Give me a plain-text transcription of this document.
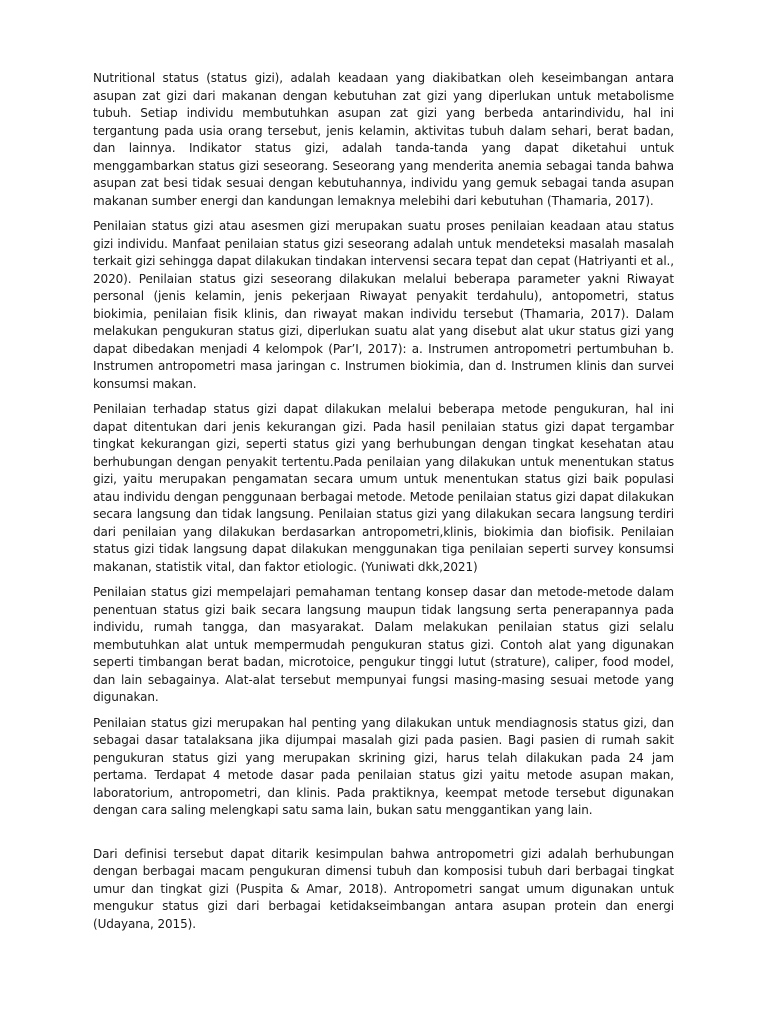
Nutritional status (status gizi), adalah keadaan yang diakibatkan oleh keseimbangan antara asupan zat gizi dari makanan dengan kebutuhan zat gizi yang diperlukan untuk metabolisme tubuh. Setiap individu membutuhkan asupan zat gizi yang berbeda antarindividu, hal ini tergantung pada usia orang tersebut, jenis kelamin, aktivitas tubuh dalam sehari, berat badan, dan lainnya. Indikator status gizi, adalah tanda-tanda yang dapat diketahui untuk menggambarkan status gizi seseorang. Seseorang yang menderita anemia sebagai tanda bahwa asupan zat besi tidak sesuai dengan kebutuhannya, individu yang gemuk sebagai tanda asupan makanan sumber energi dan kandungan lemaknya melebihi dari kebutuhan (Thamaria, 2017).

Penilaian status gizi atau asesmen gizi merupakan suatu proses penilaian keadaan atau status gizi individu. Manfaat penilaian status gizi seseorang adalah untuk mendeteksi masalah masalah terkait gizi sehingga dapat dilakukan tindakan intervensi secara tepat dan cepat (Hatriyanti et al., 2020). Penilaian status gizi seseorang dilakukan melalui beberapa parameter yakni Riwayat personal (jenis kelamin, jenis pekerjaan Riwayat penyakit terdahulu), antopometri, status biokimia, penilaian fisik klinis, dan riwayat makan individu tersebut (Thamaria, 2017). Dalam melakukan pengukuran status gizi, diperlukan suatu alat yang disebut alat ukur status gizi yang dapat dibedakan menjadi 4 kelompok (Par’I, 2017): a. Instrumen antropometri pertumbuhan b. Instrumen antropometri masa jaringan c. Instrumen biokimia, dan d. Instrumen klinis dan survei konsumsi makan.

Penilaian terhadap status gizi dapat dilakukan melalui beberapa metode pengukuran, hal ini dapat ditentukan dari jenis kekurangan gizi. Pada hasil penilaian status gizi dapat tergambar tingkat kekurangan gizi, seperti status gizi yang berhubungan dengan tingkat kesehatan atau berhubungan dengan penyakit tertentu.Pada penilaian yang dilakukan untuk menentukan status gizi, yaitu merupakan pengamatan secara umum untuk menentukan status gizi baik populasi atau individu dengan penggunaan berbagai metode. Metode penilaian status gizi dapat dilakukan secara langsung dan tidak langsung. Penilaian status gizi yang dilakukan secara langsung terdiri dari penilaian yang dilakukan berdasarkan antropometri,klinis, biokimia dan biofisik. Penilaian status gizi tidak langsung dapat dilakukan menggunakan tiga penilaian seperti survey konsumsi makanan, statistik vital, dan faktor etiologic. (Yuniwati dkk,2021)

Penilaian status gizi mempelajari pemahaman tentang konsep dasar dan metode-metode dalam penentuan status gizi baik secara langsung maupun tidak langsung serta penerapannya pada individu, rumah tangga, dan masyarakat. Dalam melakukan penilaian status gizi selalu membutuhkan alat untuk mempermudah pengukuran status gizi. Contoh alat yang digunakan seperti timbangan berat badan, microtoice, pengukur tinggi lutut (strature), caliper, food model, dan lain sebagainya. Alat-alat tersebut mempunyai fungsi masing-masing sesuai metode yang digunakan.

Penilaian status gizi merupakan hal penting yang dilakukan untuk mendiagnosis status gizi, dan sebagai dasar tatalaksana jika dijumpai masalah gizi pada pasien. Bagi pasien di rumah sakit pengukuran status gizi yang merupakan skrining gizi, harus telah dilakukan pada 24 jam pertama. Terdapat 4 metode dasar pada penilaian status gizi yaitu metode asupan makan, laboratorium, antropometri, dan klinis. Pada praktiknya, keempat metode tersebut digunakan dengan cara saling melengkapi satu sama lain, bukan satu menggantikan yang lain.

Dari definisi tersebut dapat ditarik kesimpulan bahwa antropometri gizi adalah berhubungan dengan berbagai macam pengukuran dimensi tubuh dan komposisi tubuh dari berbagai tingkat umur dan tingkat gizi (Puspita & Amar, 2018). Antropometri sangat umum digunakan untuk mengukur status gizi dari berbagai ketidakseimbangan antara asupan protein dan energi (Udayana, 2015).
